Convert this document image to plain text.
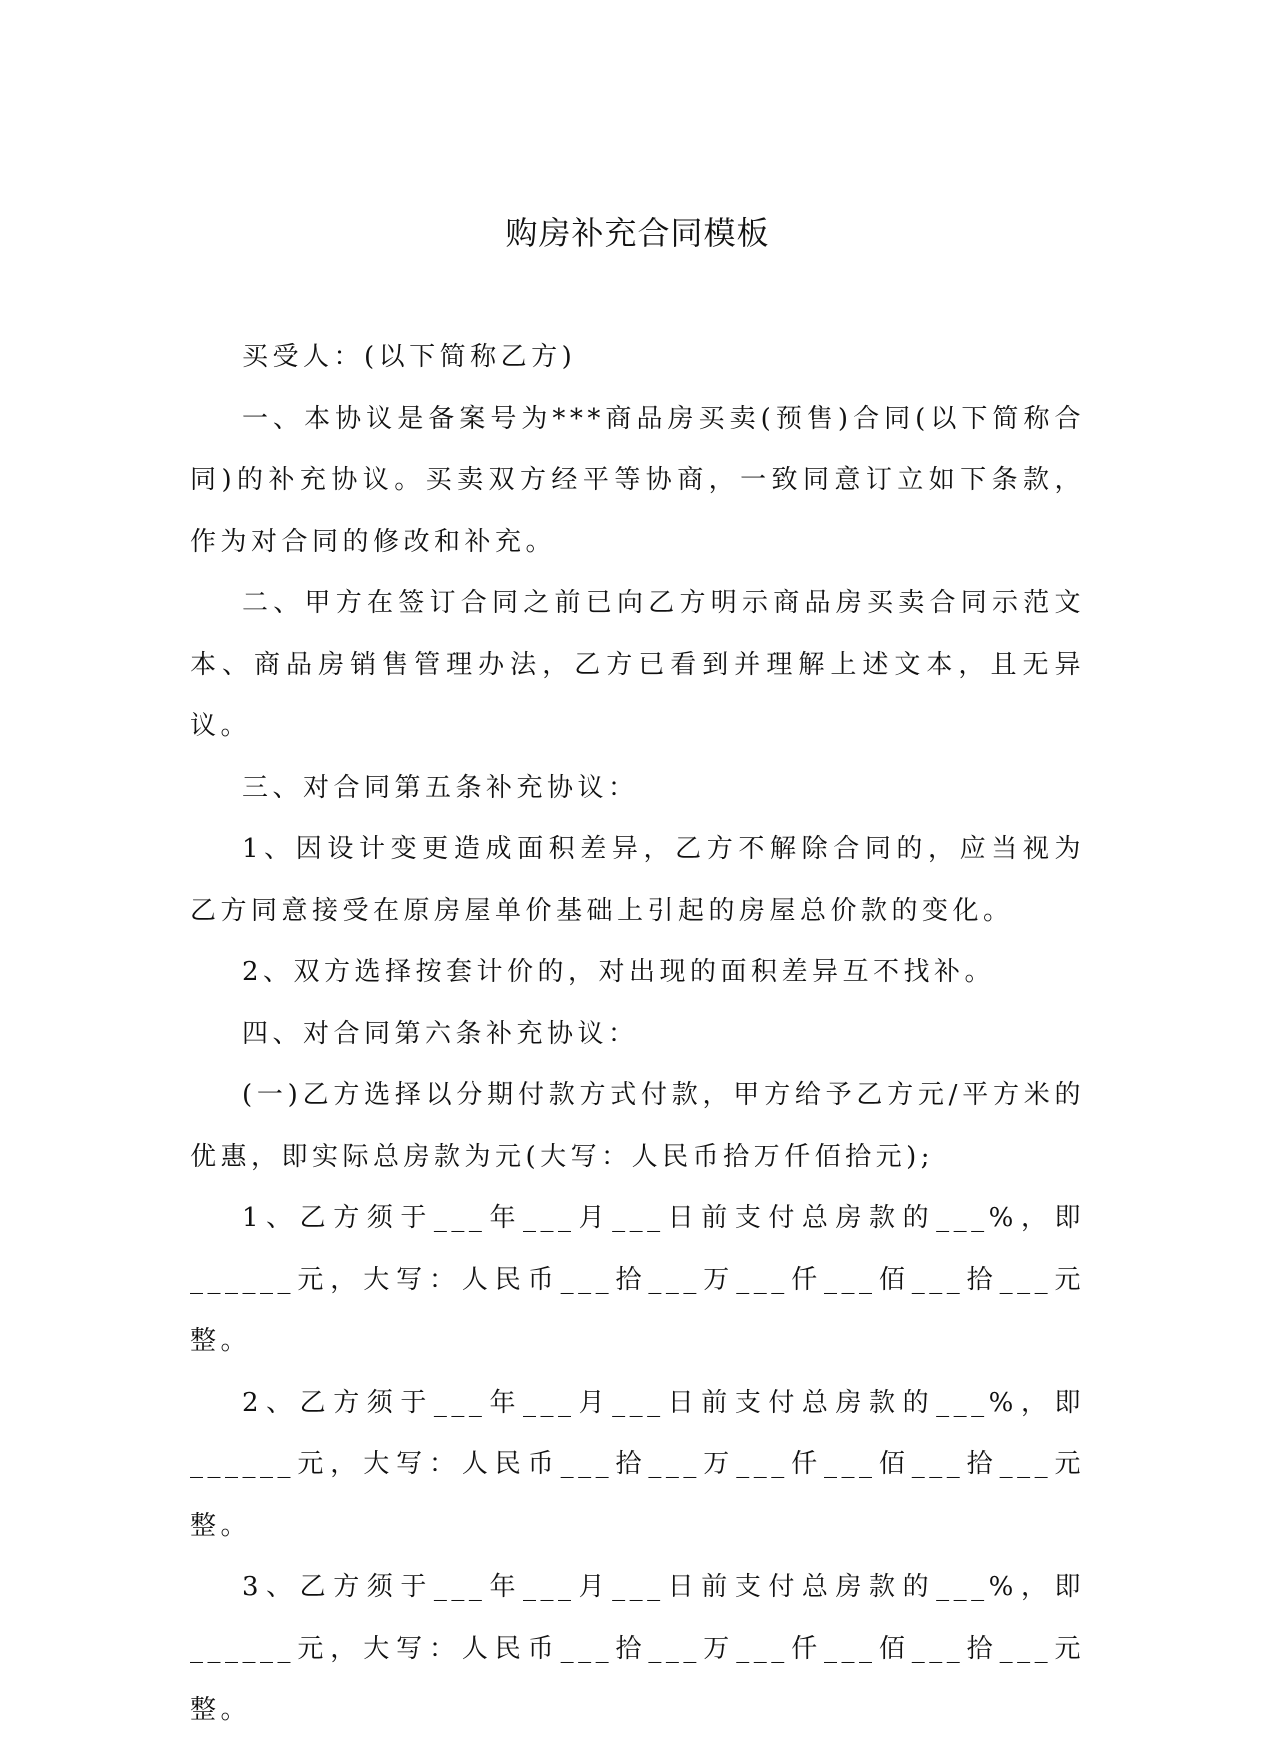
购房补充合同模板

买受人：(以下简称乙方)

一、本协议是备案号为***商品房买卖(预售)合同(以下简称合同)的补充协议。买卖双方经平等协商，一致同意订立如下条款，作为对合同的修改和补充。

二、甲方在签订合同之前已向乙方明示商品房买卖合同示范文本、商品房销售管理办法，乙方已看到并理解上述文本，且无异议。

三、对合同第五条补充协议：

1、因设计变更造成面积差异，乙方不解除合同的，应当视为乙方同意接受在原房屋单价基础上引起的房屋总价款的变化。

2、双方选择按套计价的，对出现的面积差异互不找补。

四、对合同第六条补充协议：

(一)乙方选择以分期付款方式付款，甲方给予乙方元/平方米的优惠，即实际总房款为元(大写：人民币拾万仟佰拾元);

1、乙方须于___年___月___日前支付总房款的___%，即______元，大写：人民币___拾___万___仟___佰___拾___元整。

2、乙方须于___年___月___日前支付总房款的___%，即______元，大写：人民币___拾___万___仟___佰___拾___元整。

3、乙方须于___年___月___日前支付总房款的___%，即______元，大写：人民币___拾___万___仟___佰___拾___元整。
